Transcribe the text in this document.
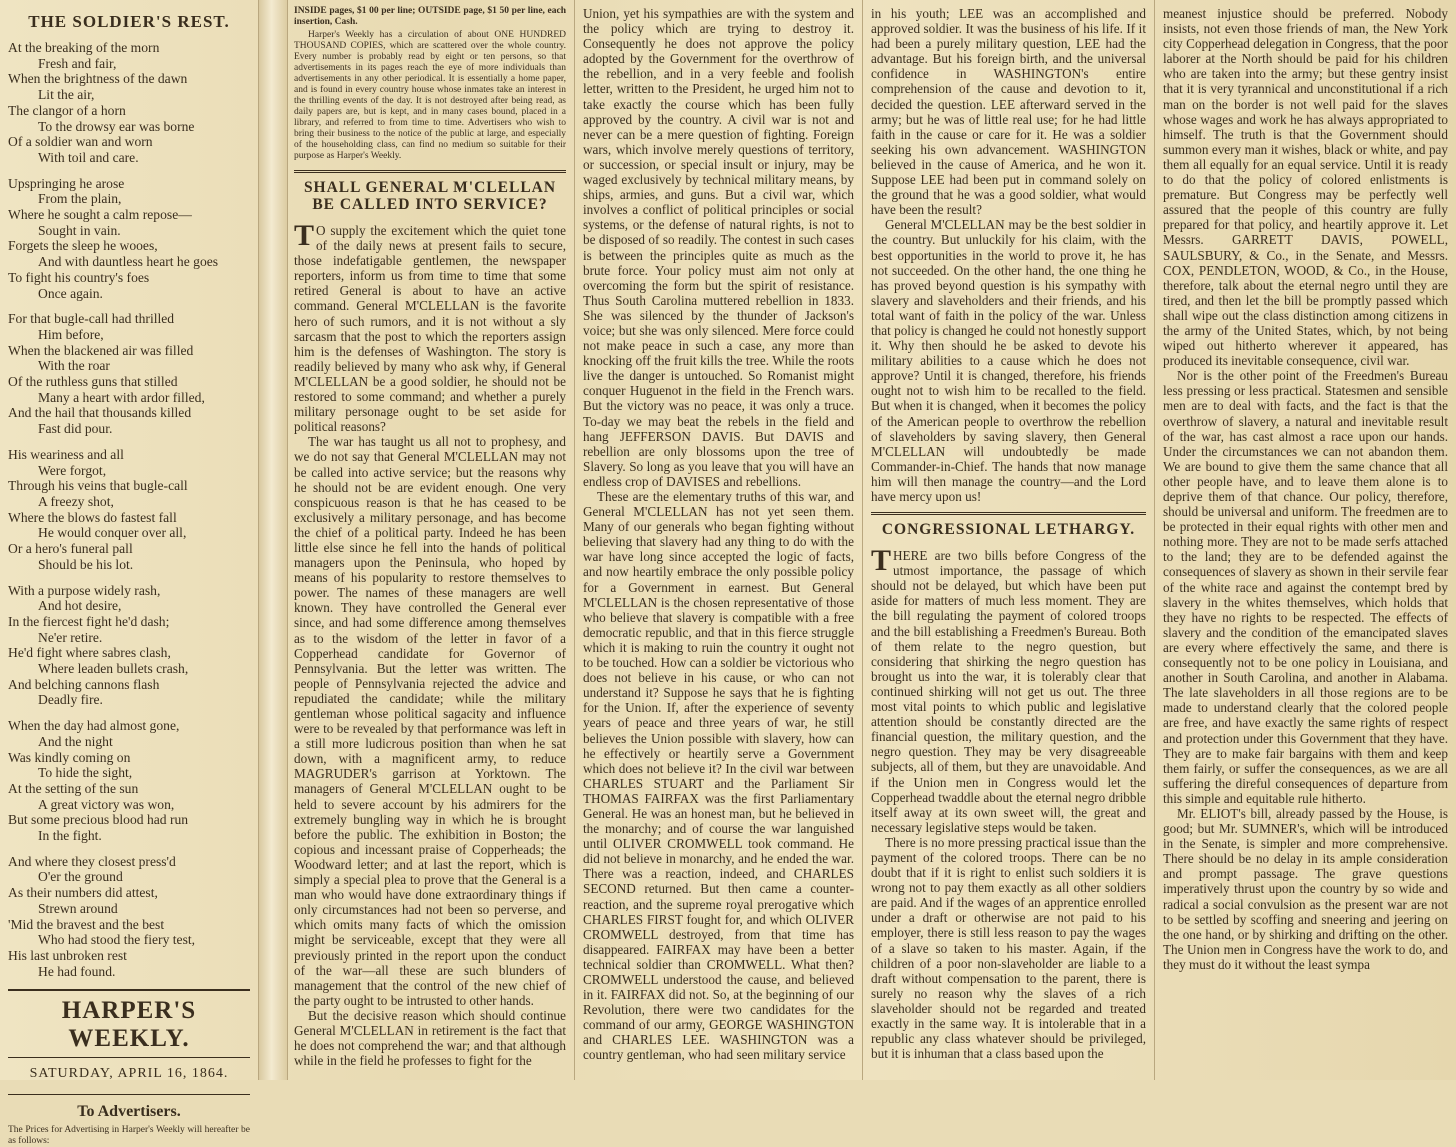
THE SOLDIER'S REST.
At the breaking of the morn
Fresh and fair,
When the brightness of the dawn
Lit the air,
The clangor of a horn
To the drowsy ear was borne
Of a soldier wan and worn
With toil and care.
Upspringing he arose
From the plain,
Where he sought a calm repose—
Sought in vain.
Forgets the sleep he wooes,
And with dauntless heart he goes
To fight his country's foes
Once again.
For that bugle-call had thrilled
Him before,
When the blackened air was filled
With the roar
Of the ruthless guns that stilled
Many a heart with ardor filled,
And the hail that thousands killed
Fast did pour.
His weariness and all
Were forgot,
Through his veins that bugle-call
A freezy shot,
Where the blows do fastest fall
He would conquer over all,
Or a hero's funeral pall
Should be his lot.
With a purpose widely rash,
And hot desire,
In the fiercest fight he'd dash;
Ne'er retire.
He'd fight where sabres clash,
Where leaden bullets crash,
And belching cannons flash
Deadly fire.
When the day had almost gone,
And the night
Was kindly coming on
To hide the sight,
At the setting of the sun
A great victory was won,
But some precious blood had run
In the fight.
And where they closest press'd
O'er the ground
As their numbers did attest,
Strewn around
'Mid the bravest and the best
Who had stood the fiery test,
His last unbroken rest
He had found.
HARPER'S WEEKLY.
SATURDAY, APRIL 16, 1864.
To Advertisers.

The Prices for Advertising in Harper's Weekly will hereafter be as follows:

INSIDE pages, $1 00 per line; OUTSIDE page, $1 50 per line, each insertion, Cash.

Harper's Weekly has a circulation of about ONE HUNDRED THOUSAND COPIES, which are scattered over the whole country. Every number is probably read by eight or ten persons, so that advertisements in its pages reach the eye of more individuals than advertisements in any other periodical. It is essentially a home paper, and is found in every country house whose inmates take an interest in the thrilling events of the day. It is not destroyed after being read, as daily papers are, but is kept, and in many cases bound, placed in a library, and referred to from time to time. Advertisers who wish to bring their business to the notice of the public at large, and especially of the householding class, can find no medium so suitable for their purpose as Harper's Weekly.

SHALL GENERAL M'CLELLAN BE CALLED INTO SERVICE?

TO supply the excitement which the quiet tone of the daily news at present fails to secure, those indefatigable gentlemen, the newspaper reporters, inform us from time to time that some retired General is about to have an active command. General M'CLELLAN is the favorite hero of such rumors, and it is not without a sly sarcasm that the post to which the reporters assign him is the defenses of Washington. The story is readily believed by many who ask why, if General M'CLELLAN be a good soldier, he should not be restored to some command; and whether a purely military personage ought to be set aside for political reasons?

The war has taught us all not to prophesy, and we do not say that General M'CLELLAN may not be called into active service; but the reasons why he should not be are evident enough. One very conspicuous reason is that he has ceased to be exclusively a military personage, and has become the chief of a political party. Indeed he has been little else since he fell into the hands of political managers upon the Peninsula, who hoped by means of his popularity to restore themselves to power. The names of these managers are well known. They have controlled the General ever since, and had some difference among themselves as to the wisdom of the letter in favor of a Copperhead candidate for Governor of Pennsylvania. But the letter was written. The people of Pennsylvania rejected the advice and repudiated the candidate; while the military gentleman whose political sagacity and influence were to be revealed by that performance was left in a still more ludicrous position than when he sat down, with a magnificent army, to reduce MAGRUDER's garrison at Yorktown. The managers of General M'CLELLAN ought to be held to severe account by his admirers for the extremely bungling way in which he is brought before the public. The exhibition in Boston; the copious and incessant praise of Copperheads; the Woodward letter; and at last the report, which is simply a special plea to prove that the General is a man who would have done extraordinary things if only circumstances had not been so perverse, and which omits many facts of which the omission might be serviceable, except that they were all previously printed in the report upon the conduct of the war—all these are such blunders of management that the control of the new chief of the party ought to be intrusted to other hands.

But the decisive reason which should continue General M'CLELLAN in retirement is the fact that he does not comprehend the war; and that although while in the field he professes to fight for the

Union, yet his sympathies are with the system and the policy which are trying to destroy it. Consequently he does not approve the policy adopted by the Government for the overthrow of the rebellion, and in a very feeble and foolish letter, written to the President, he urged him not to take exactly the course which has been fully approved by the country. A civil war is not and never can be a mere question of fighting. Foreign wars, which involve merely questions of territory, or succession, or special insult or injury, may be waged exclusively by technical military means, by ships, armies, and guns. But a civil war, which involves a conflict of political principles or social systems, or the defense of natural rights, is not to be disposed of so readily. The contest in such cases is between the principles quite as much as the brute force. Your policy must aim not only at overcoming the form but the spirit of resistance. Thus South Carolina muttered rebellion in 1833. She was silenced by the thunder of Jackson's voice; but she was only silenced. Mere force could not make peace in such a case, any more than knocking off the fruit kills the tree. While the roots live the danger is untouched. So Romanist might conquer Huguenot in the field in the French wars. But the victory was no peace, it was only a truce. To-day we may beat the rebels in the field and hang JEFFERSON DAVIS. But DAVIS and rebellion are only blossoms upon the tree of Slavery. So long as you leave that you will have an endless crop of DAVISES and rebellions.

These are the elementary truths of this war, and General M'CLELLAN has not yet seen them. Many of our generals who began fighting without believing that slavery had any thing to do with the war have long since accepted the logic of facts, and now heartily embrace the only possible policy for a Government in earnest. But General M'CLELLAN is the chosen representative of those who believe that slavery is compatible with a free democratic republic, and that in this fierce struggle which it is making to ruin the country it ought not to be touched. How can a soldier be victorious who does not believe in his cause, or who can not understand it? Suppose he says that he is fighting for the Union. If, after the experience of seventy years of peace and three years of war, he still believes the Union possible with slavery, how can he effectively or heartily serve a Government which does not believe it? In the civil war between CHARLES STUART and the Parliament Sir THOMAS FAIRFAX was the first Parliamentary General. He was an honest man, but he believed in the monarchy; and of course the war languished until OLIVER CROMWELL took command. He did not believe in monarchy, and he ended the war. There was a reaction, indeed, and CHARLES SECOND returned. But then came a counter-reaction, and the supreme royal prerogative which CHARLES FIRST fought for, and which OLIVER CROMWELL destroyed, from that time has disappeared. FAIRFAX may have been a better technical soldier than CROMWELL. What then? CROMWELL understood the cause, and believed in it. FAIRFAX did not. So, at the beginning of our Revolution, there were two candidates for the command of our army, GEORGE WASHINGTON and CHARLES LEE. WASHINGTON was a country gentleman, who had seen military service

in his youth; LEE was an accomplished and approved soldier. It was the business of his life. If it had been a purely military question, LEE had the advantage. But his foreign birth, and the universal confidence in WASHINGTON's entire comprehension of the cause and devotion to it, decided the question. LEE afterward served in the army; but he was of little real use; for he had little faith in the cause or care for it. He was a soldier seeking his own advancement. WASHINGTON believed in the cause of America, and he won it. Suppose LEE had been put in command solely on the ground that he was a good soldier, what would have been the result?

General M'CLELLAN may be the best soldier in the country. But unluckily for his claim, with the best opportunities in the world to prove it, he has not succeeded. On the other hand, the one thing he has proved beyond question is his sympathy with slavery and slaveholders and their friends, and his total want of faith in the policy of the war. Unless that policy is changed he could not honestly support it. Why then should he be asked to devote his military abilities to a cause which he does not approve? Until it is changed, therefore, his friends ought not to wish him to be recalled to the field. But when it is changed, when it becomes the policy of the American people to overthrow the rebellion of slaveholders by saving slavery, then General M'CLELLAN will undoubtedly be made Commander-in-Chief. The hands that now manage him will then manage the country—and the Lord have mercy upon us!

CONGRESSIONAL LETHARGY.

THERE are two bills before Congress of the utmost importance, the passage of which should not be delayed, but which have been put aside for matters of much less moment. They are the bill regulating the payment of colored troops and the bill establishing a Freedmen's Bureau. Both of them relate to the negro question, but considering that shirking the negro question has brought us into the war, it is tolerably clear that continued shirking will not get us out. The three most vital points to which public and legislative attention should be constantly directed are the financial question, the military question, and the negro question. They may be very disagreeable subjects, all of them, but they are unavoidable. And if the Union men in Congress would let the Copperhead twaddle about the eternal negro dribble itself away at its own sweet will, the great and necessary legislative steps would be taken.

There is no more pressing practical issue than the payment of the colored troops. There can be no doubt that if it is right to enlist such soldiers it is wrong not to pay them exactly as all other soldiers are paid. And if the wages of an apprentice enrolled under a draft or otherwise are not paid to his employer, there is still less reason to pay the wages of a slave so taken to his master. Again, if the children of a poor non-slaveholder are liable to a draft without compensation to the parent, there is surely no reason why the slaves of a rich slaveholder should not be regarded and treated exactly in the same way. It is intolerable that in a republic any class whatever should be privileged, but it is inhuman that a class based upon the

meanest injustice should be preferred. Nobody insists, not even those friends of man, the New York city Copperhead delegation in Congress, that the poor laborer at the North should be paid for his children who are taken into the army; but these gentry insist that it is very tyrannical and unconstitutional if a rich man on the border is not well paid for the slaves whose wages and work he has always appropriated to himself. The truth is that the Government should summon every man it wishes, black or white, and pay them all equally for an equal service. Until it is ready to do that the policy of colored enlistments is premature. But Congress may be perfectly well assured that the people of this country are fully prepared for that policy, and heartily approve it. Let Messrs. GARRETT DAVIS, POWELL, SAULSBURY, & Co., in the Senate, and Messrs. COX, PENDLETON, WOOD, & Co., in the House, therefore, talk about the eternal negro until they are tired, and then let the bill be promptly passed which shall wipe out the class distinction among citizens in the army of the United States, which, by not being wiped out hitherto wherever it appeared, has produced its inevitable consequence, civil war.

Nor is the other point of the Freedmen's Bureau less pressing or less practical. Statesmen and sensible men are to deal with facts, and the fact is that the overthrow of slavery, a natural and inevitable result of the war, has cast almost a race upon our hands. Under the circumstances we can not abandon them. We are bound to give them the same chance that all other people have, and to leave them alone is to deprive them of that chance. Our policy, therefore, should be universal and uniform. The freedmen are to be protected in their equal rights with other men and nothing more. They are not to be made serfs attached to the land; they are to be defended against the consequences of slavery as shown in their servile fear of the white race and against the contempt bred by slavery in the whites themselves, which holds that they have no rights to be respected. The effects of slavery and the condition of the emancipated slaves are every where effectively the same, and there is consequently not to be one policy in Louisiana, and another in South Carolina, and another in Alabama. The late slaveholders in all those regions are to be made to understand clearly that the colored people are free, and have exactly the same rights of respect and protection under this Government that they have. They are to make fair bargains with them and keep them fairly, or suffer the consequences, as we are all suffering the direful consequences of departure from this simple and equitable rule hitherto.

Mr. ELIOT's bill, already passed by the House, is good; but Mr. SUMNER's, which will be introduced in the Senate, is simpler and more comprehensive. There should be no delay in its ample consideration and prompt passage. The grave questions imperatively thrust upon the country by so wide and radical a social convulsion as the present war are not to be settled by scoffing and sneering and jeering on the one hand, or by shirking and drifting on the other. The Union men in Congress have the work to do, and they must do it without the least sympa
